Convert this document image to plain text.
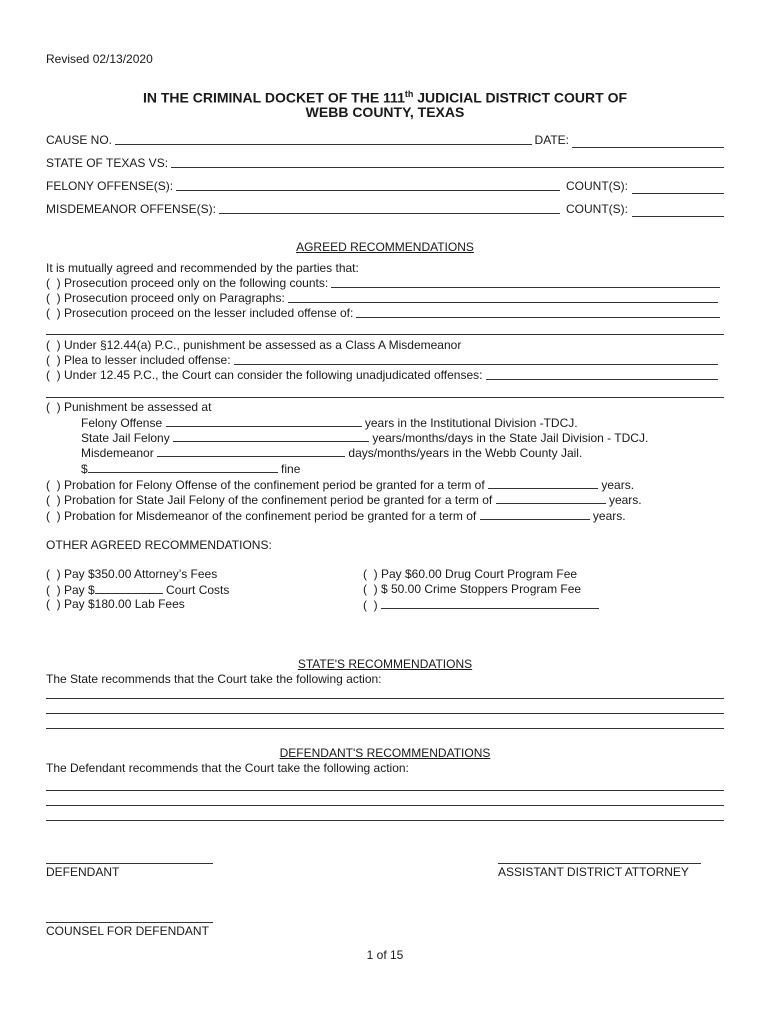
Revised 02/13/2020
IN THE CRIMINAL DOCKET OF THE 111th JUDICIAL DISTRICT COURT OF
WEBB COUNTY, TEXAS
CAUSE NO.	DATE:
STATE OF TEXAS VS:
FELONY OFFENSE(S):	COUNT(S):
MISDEMEANOR OFFENSE(S):	COUNT(S):
AGREED RECOMMENDATIONS
It is mutually agreed and recommended by the parties that:
(  ) Prosecution proceed only on the following counts:
(  ) Prosecution proceed only on Paragraphs:
(  ) Prosecution proceed on the lesser included offense of:
(  ) Under §12.44(a) P.C., punishment be assessed as a Class A Misdemeanor
(  ) Plea to lesser included offense:
(  ) Under 12.45 P.C., the Court can consider the following unadjudicated offenses:
(  ) Punishment be assessed at
Felony Offense	years in the Institutional Division -TDCJ.
State Jail Felony	years/months/days in the State Jail Division - TDCJ.
Misdemeanor	days/months/years in the Webb County Jail.
$	fine
(  ) Probation for Felony Offense of the confinement period be granted for a term of	years.
(  ) Probation for State Jail Felony of the confinement period be granted for a term of	years.
(  ) Probation for Misdemeanor of the confinement period be granted for a term of	years.
OTHER AGREED RECOMMENDATIONS:
(  ) Pay $350.00 Attorney’s Fees
(  ) Pay $	Court Costs
(  ) Pay $180.00 Lab Fees
(  ) Pay $60.00 Drug Court Program Fee
(  ) $ 50.00 Crime Stoppers Program Fee
(  )
STATE'S RECOMMENDATIONS
The State recommends that the Court take the following action:
DEFENDANT'S RECOMMENDATIONS
The Defendant recommends that the Court take the following action:
DEFENDANT	ASSISTANT DISTRICT ATTORNEY
COUNSEL FOR DEFENDANT
1 of 15
